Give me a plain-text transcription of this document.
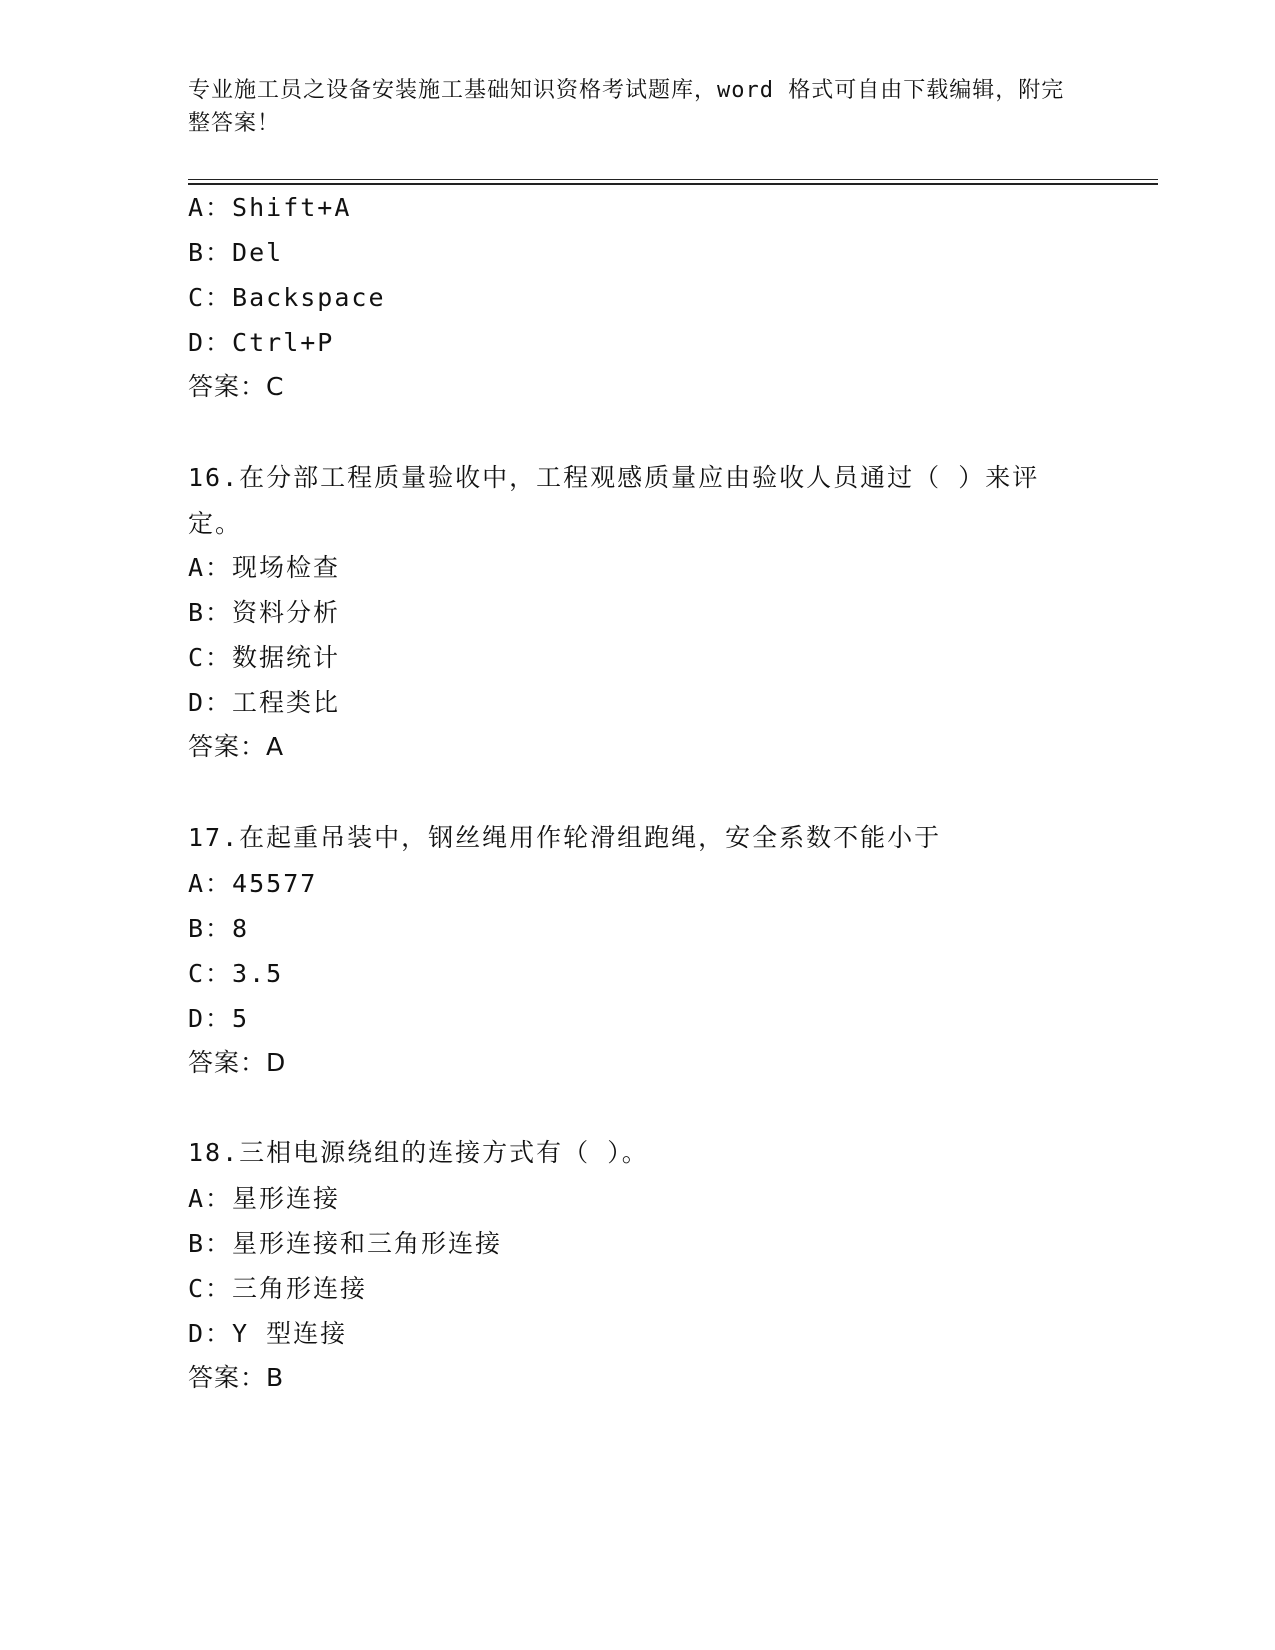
专业施工员之设备安装施工基础知识资格考试题库，word 格式可自由下载编辑，附完整答案！
A：Shift+A
B：Del
C：Backspace
D：Ctrl+P
答案：C
16.在分部工程质量验收中，工程观感质量应由验收人员通过（ ）来评定。
A：现场检查
B：资料分析
C：数据统计
D：工程类比
答案：A
17.在起重吊装中，钢丝绳用作轮滑组跑绳，安全系数不能小于
A：45577
B：8
C：3.5
D：5
答案：D
18.三相电源绕组的连接方式有（ ）。
A：星形连接
B：星形连接和三角形连接
C：三角形连接
D：Y 型连接
答案：B
